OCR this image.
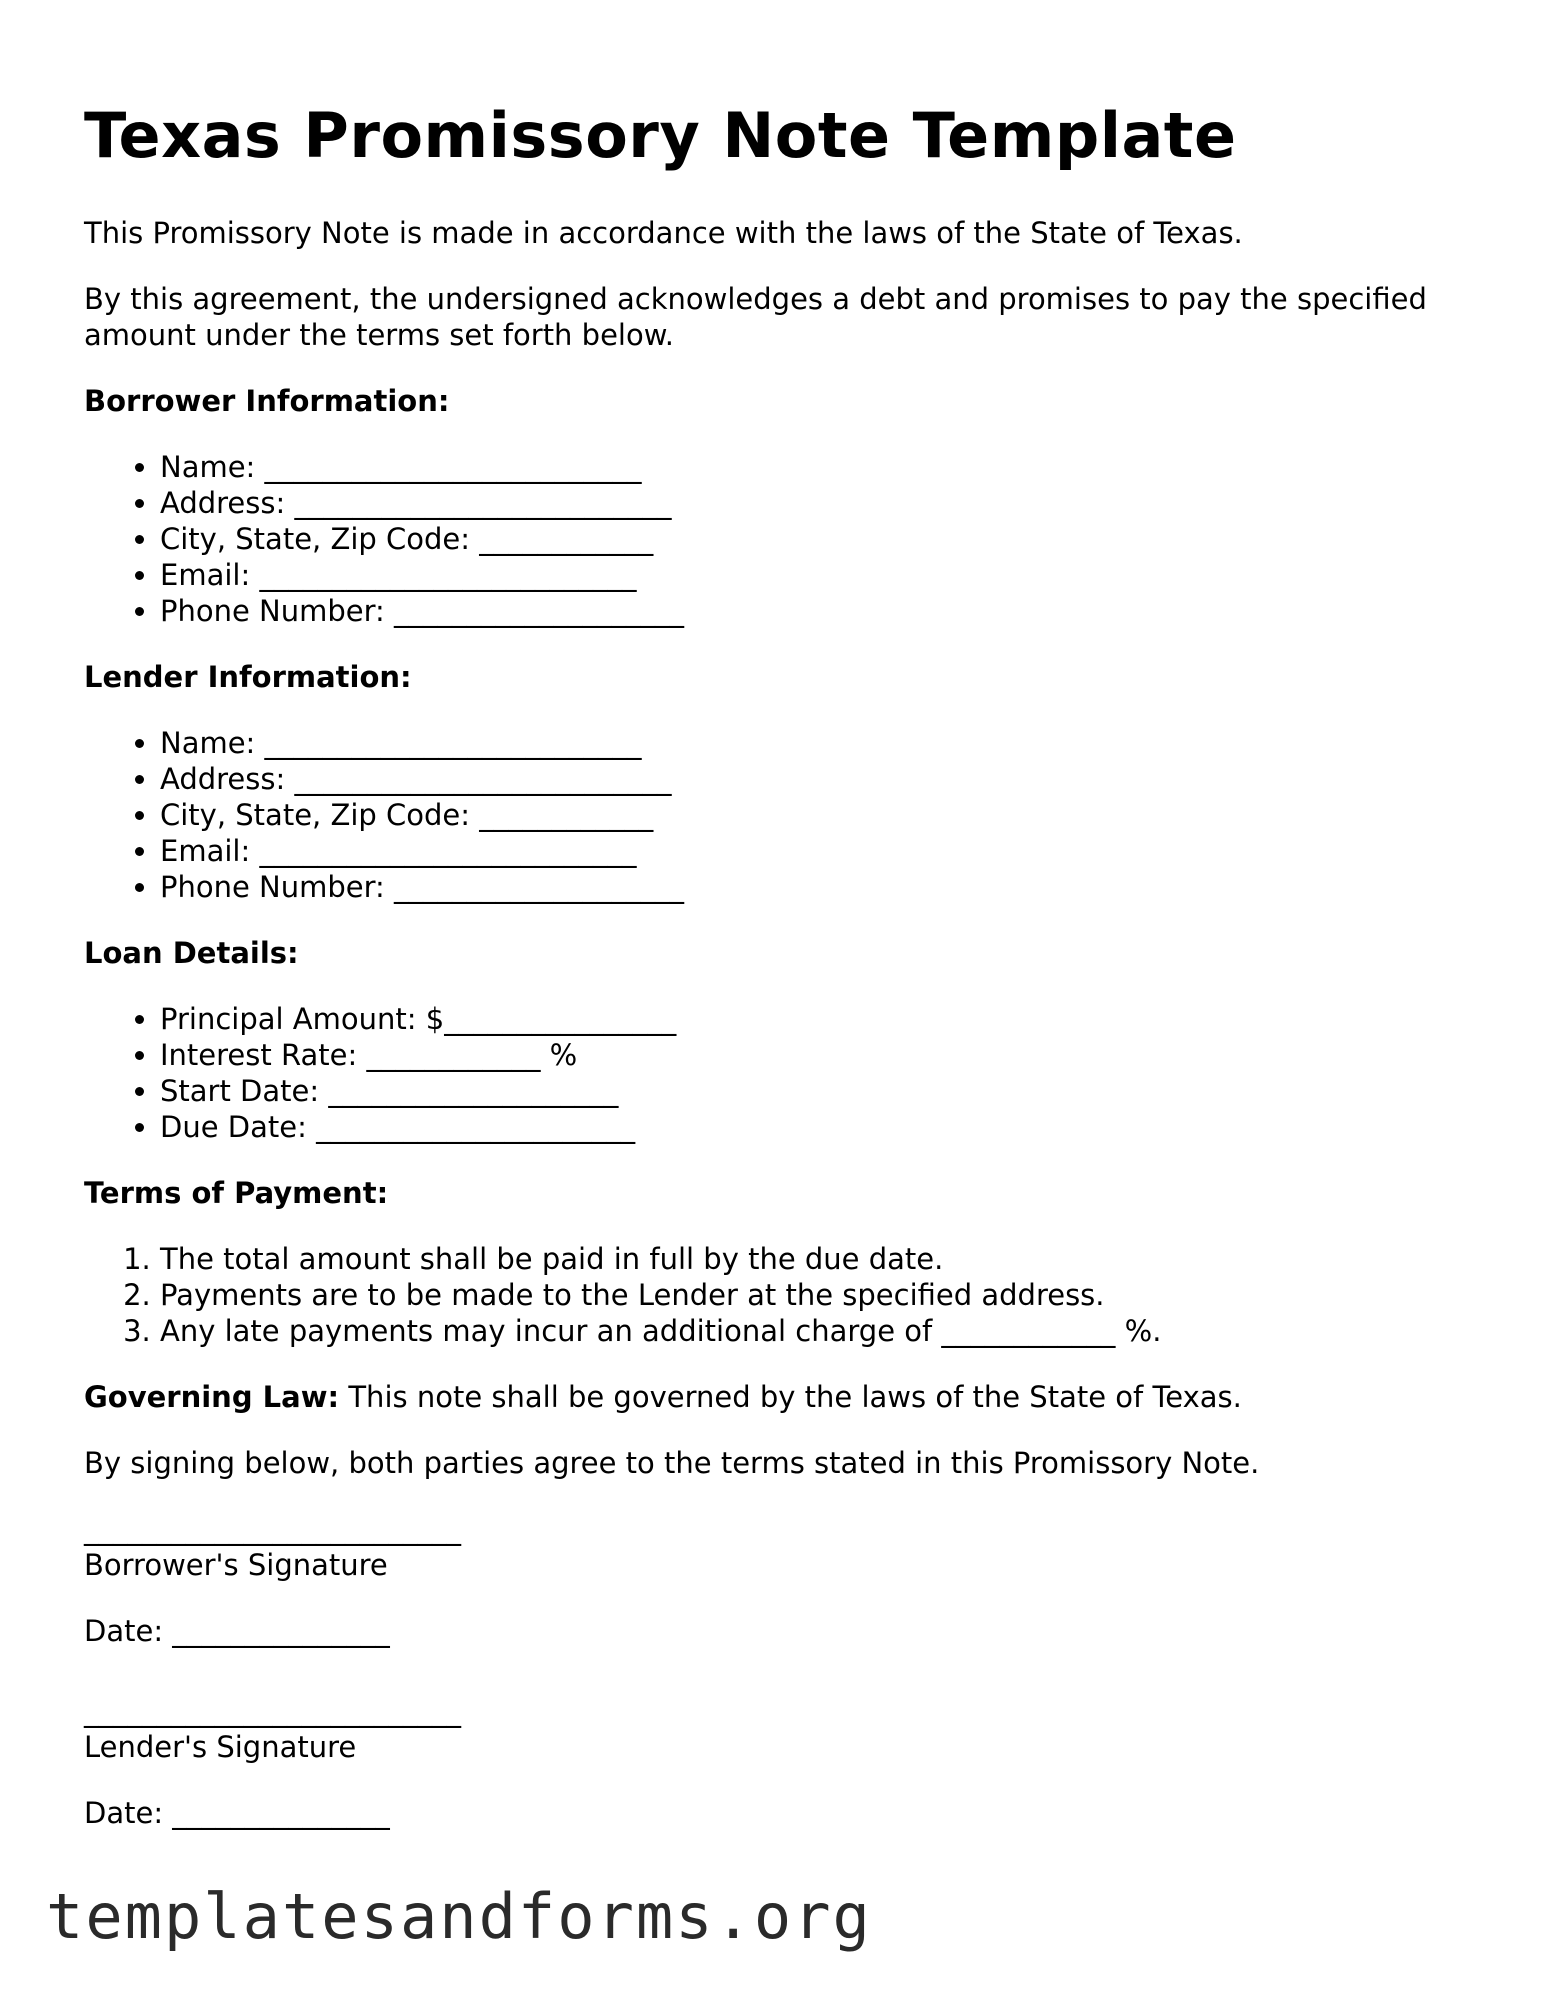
Texas Promissory Note Template

This Promissory Note is made in accordance with the laws of the State of Texas.

By this agreement, the undersigned acknowledges a debt and promises to pay the specified amount under the terms set forth below.

Borrower Information:
• Name: __________________________
• Address: __________________________
• City, State, Zip Code: ____________
• Email: __________________________
• Phone Number: ____________________
Lender Information:
• Name: __________________________
• Address: __________________________
• City, State, Zip Code: ____________
• Email: __________________________
• Phone Number: ____________________
Loan Details:
• Principal Amount: $________________
• Interest Rate: ____________ %
• Start Date: ____________________
• Due Date: ______________________
Terms of Payment:
1. The total amount shall be paid in full by the due date.
2. Payments are to be made to the Lender at the specified address.
3. Any late payments may incur an additional charge of ____________ %.

Governing Law: This note shall be governed by the laws of the State of Texas.

By signing below, both parties agree to the terms stated in this Promissory Note.

__________________________
Borrower's Signature

Date: _______________

__________________________
Lender's Signature

Date: _______________

templatesandforms.org
